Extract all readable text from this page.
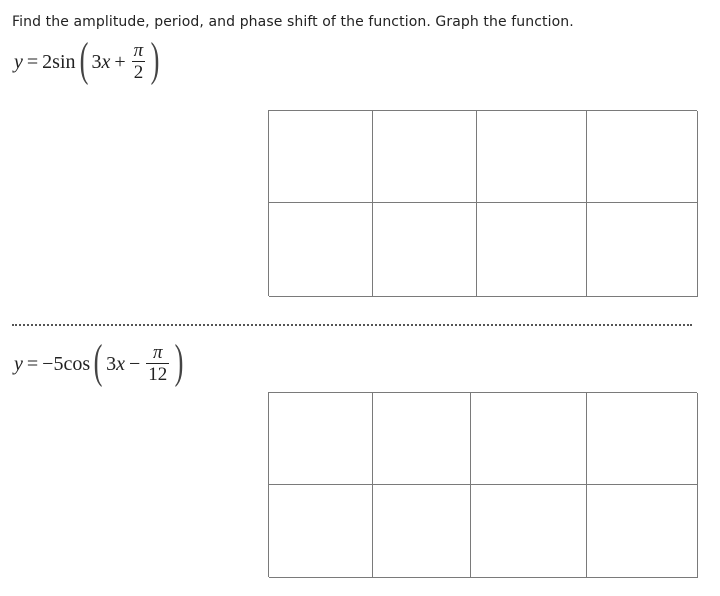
Find the amplitude, period, and phase shift of the function. Graph the function.
y = 2sin ( 3 $x + \frac{\pi}{2}$ )
y = −5cos ( 3 $x - \frac{\pi}{12}$ )
